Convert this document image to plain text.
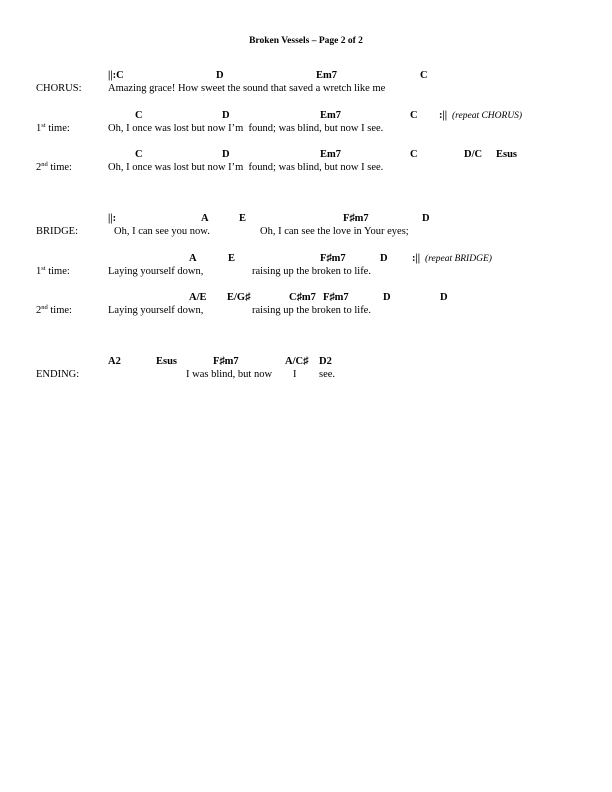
Broken Vessels – Page 2 of 2
||:C	D	Em7	C
CHORUS:	Amazing grace! How sweet the sound that saved a wretch like me
C	D	Em7	C :|| (repeat CHORUS)
1st time:	Oh, I once was lost but now I’m  found; was blind, but now I see.
C	D	Em7	C	D/C Esus
2nd time:	Oh, I once was lost but now I’m  found; was blind, but now I see.
||:	A	E	F♯m7	D
BRIDGE:	Oh, I can see you now.	Oh, I can see the love in Your eyes;
A	E	F♯m7	D :|| (repeat BRIDGE)
1st time:	Laying yourself down,	raising up the broken to life.
A/E E/G♯	C♯m7 F♯m7	D	D
2nd time:	Laying yourself down,	raising up the broken to life.
A2	Esus	F♯m7	A/C♯ D2
ENDING:	I was blind, but now I see.
